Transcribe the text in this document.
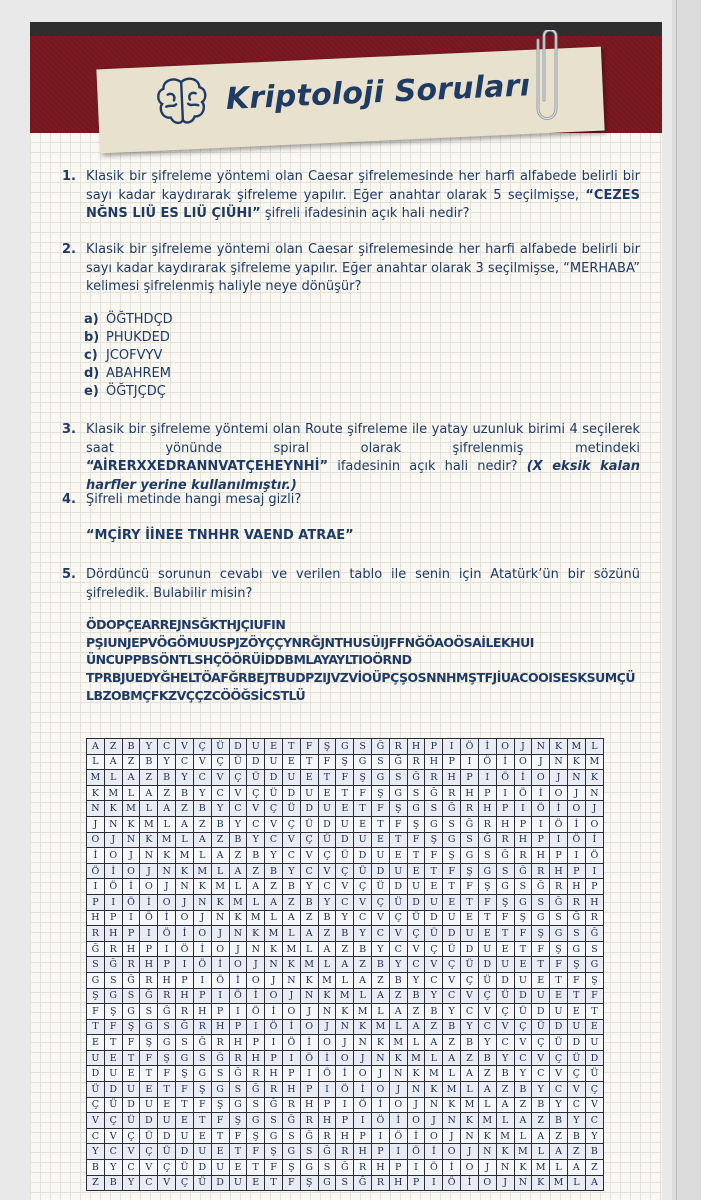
Kriptoloji Soruları
1. Klasik bir şifreleme yöntemi olan Caesar şifrelemesinde her harfi alfabede belirli bir sayı kadar kaydırarak şifreleme yapılır. Eğer anahtar olarak 5 seçilmişse, “CEZES NĞNS LIÜ ES LIÜ ÇIÜHI” şifreli ifadesinin açık hali nedir?
2. Klasik bir şifreleme yöntemi olan Caesar şifrelemesinde her harfi alfabede belirli bir sayı kadar kaydırarak şifreleme yapılır. Eğer anahtar olarak 3 seçilmişse, “MERHABA” kelimesi şifrelenmiş haliyle neye dönüşür?
a) ÖĞTHDÇD
b) PHUKDED
c) JCOFVYV
d) ABAHREM
e) ÖĞTJÇDÇ
3. Klasik bir şifreleme yöntemi olan Route şifreleme ile yatay uzunluk birimi 4 seçilerek saat yönünde spiral olarak şifrelenmiş metindeki “AİRERXXEDRANNVATÇEHEYNHİ” ifadesinin açık hali nedir? (X eksik kalan harfler yerine kullanılmıştır.)
4. Şifreli metinde hangi mesaj gizli?
“MÇİRY İİNEE TNHHR VAEND ATRAE”
5. Dördüncü sorunun cevabı ve verilen tablo ile senin için Atatürk’ün bir sözünü şifreledik. Bulabilir misin?
ÖDOPÇEARREJNSĞKTHJÇIUFIN
PŞIUNJEPVÖGÖMUUSPJZÖYÇÇYNRĞJNTHUSÜIJFFNĞÖAOÖSAİLEKHUI
ÜNCUPPBSÖNTLSHÇÖÖRÜİDDBMLAYAYLTIOÖRND
TPRBJUEDYĞHELTÖAFĞRBEJTBUDPZIJVZVİOÜPÇŞOSNNHMŞTFJİUACOOISESKSUMÇÜ
LBZOBMÇFKZVÇÇZCÖÖĞSİCSTLÜ
A	Z	B	Y	C	V	Ç	Ü	D	U	E	T	F	Ş	G	S	Ğ	R	H	P	I	Ö	İ	O	J	N	K	M	L
L	A	Z	B	Y	C	V	Ç	Ü	D	U	E	T	F	Ş	G	S	Ğ	R	H	P	I	Ö	İ	O	J	N	K	M
M	L	A	Z	B	Y	C	V	Ç	Ü	D	U	E	T	F	Ş	G	S	Ğ	R	H	P	I	Ö	İ	O	J	N	K
K	M	L	A	Z	B	Y	C	V	Ç	Ü	D	U	E	T	F	Ş	G	S	Ğ	R	H	P	I	Ö	İ	O	J	N
N	K	M	L	A	Z	B	Y	C	V	Ç	Ü	D	U	E	T	F	Ş	G	S	Ğ	R	H	P	I	Ö	İ	O	J
J	N	K	M	L	A	Z	B	Y	C	V	Ç	Ü	D	U	E	T	F	Ş	G	S	Ğ	R	H	P	I	Ö	İ	O
O	J	N	K	M	L	A	Z	B	Y	C	V	Ç	Ü	D	U	E	T	F	Ş	G	S	Ğ	R	H	P	I	Ö	İ
İ	O	J	N	K	M	L	A	Z	B	Y	C	V	Ç	Ü	D	U	E	T	F	Ş	G	S	Ğ	R	H	P	I	Ö
Ö	İ	O	J	N	K	M	L	A	Z	B	Y	C	V	Ç	Ü	D	U	E	T	F	Ş	G	S	Ğ	R	H	P	I
I	Ö	İ	O	J	N	K	M	L	A	Z	B	Y	C	V	Ç	Ü	D	U	E	T	F	Ş	G	S	Ğ	R	H	P
P	I	Ö	İ	O	J	N	K	M	L	A	Z	B	Y	C	V	Ç	Ü	D	U	E	T	F	Ş	G	S	Ğ	R	H
H	P	I	Ö	İ	O	J	N	K	M	L	A	Z	B	Y	C	V	Ç	Ü	D	U	E	T	F	Ş	G	S	Ğ	R
R	H	P	I	Ö	İ	O	J	N	K	M	L	A	Z	B	Y	C	V	Ç	Ü	D	U	E	T	F	Ş	G	S	Ğ
Ğ	R	H	P	I	Ö	İ	O	J	N	K	M	L	A	Z	B	Y	C	V	Ç	Ü	D	U	E	T	F	Ş	G	S
S	Ğ	R	H	P	I	Ö	İ	O	J	N	K	M	L	A	Z	B	Y	C	V	Ç	Ü	D	U	E	T	F	Ş	G
G	S	Ğ	R	H	P	I	Ö	İ	O	J	N	K	M	L	A	Z	B	Y	C	V	Ç	Ü	D	U	E	T	F	Ş
Ş	G	S	Ğ	R	H	P	I	Ö	İ	O	J	N	K	M	L	A	Z	B	Y	C	V	Ç	Ü	D	U	E	T	F
F	Ş	G	S	Ğ	R	H	P	I	Ö	İ	O	J	N	K	M	L	A	Z	B	Y	C	V	Ç	Ü	D	U	E	T
T	F	Ş	G	S	Ğ	R	H	P	I	Ö	İ	O	J	N	K	M	L	A	Z	B	Y	C	V	Ç	Ü	D	U	E
E	T	F	Ş	G	S	Ğ	R	H	P	I	Ö	İ	O	J	N	K	M	L	A	Z	B	Y	C	V	Ç	Ü	D	U
U	E	T	F	Ş	G	S	Ğ	R	H	P	I	Ö	İ	O	J	N	K	M	L	A	Z	B	Y	C	V	Ç	Ü	D
D	U	E	T	F	Ş	G	S	Ğ	R	H	P	I	Ö	İ	O	J	N	K	M	L	A	Z	B	Y	C	V	Ç	Ü
Ü	D	U	E	T	F	Ş	G	S	Ğ	R	H	P	I	Ö	İ	O	J	N	K	M	L	A	Z	B	Y	C	V	Ç
Ç	Ü	D	U	E	T	F	Ş	G	S	Ğ	R	H	P	I	Ö	İ	O	J	N	K	M	L	A	Z	B	Y	C	V
V	Ç	Ü	D	U	E	T	F	Ş	G	S	Ğ	R	H	P	I	Ö	İ	O	J	N	K	M	L	A	Z	B	Y	C
C	V	Ç	Ü	D	U	E	T	F	Ş	G	S	Ğ	R	H	P	I	Ö	İ	O	J	N	K	M	L	A	Z	B	Y
Y	C	V	Ç	Ü	D	U	E	T	F	Ş	G	S	Ğ	R	H	P	I	Ö	İ	O	J	N	K	M	L	A	Z	B
B	Y	C	V	Ç	Ü	D	U	E	T	F	Ş	G	S	Ğ	R	H	P	I	Ö	İ	O	J	N	K	M	L	A	Z
Z	B	Y	C	V	Ç	Ü	D	U	E	T	F	Ş	G	S	Ğ	R	H	P	I	Ö	İ	O	J	N	K	M	L	A
